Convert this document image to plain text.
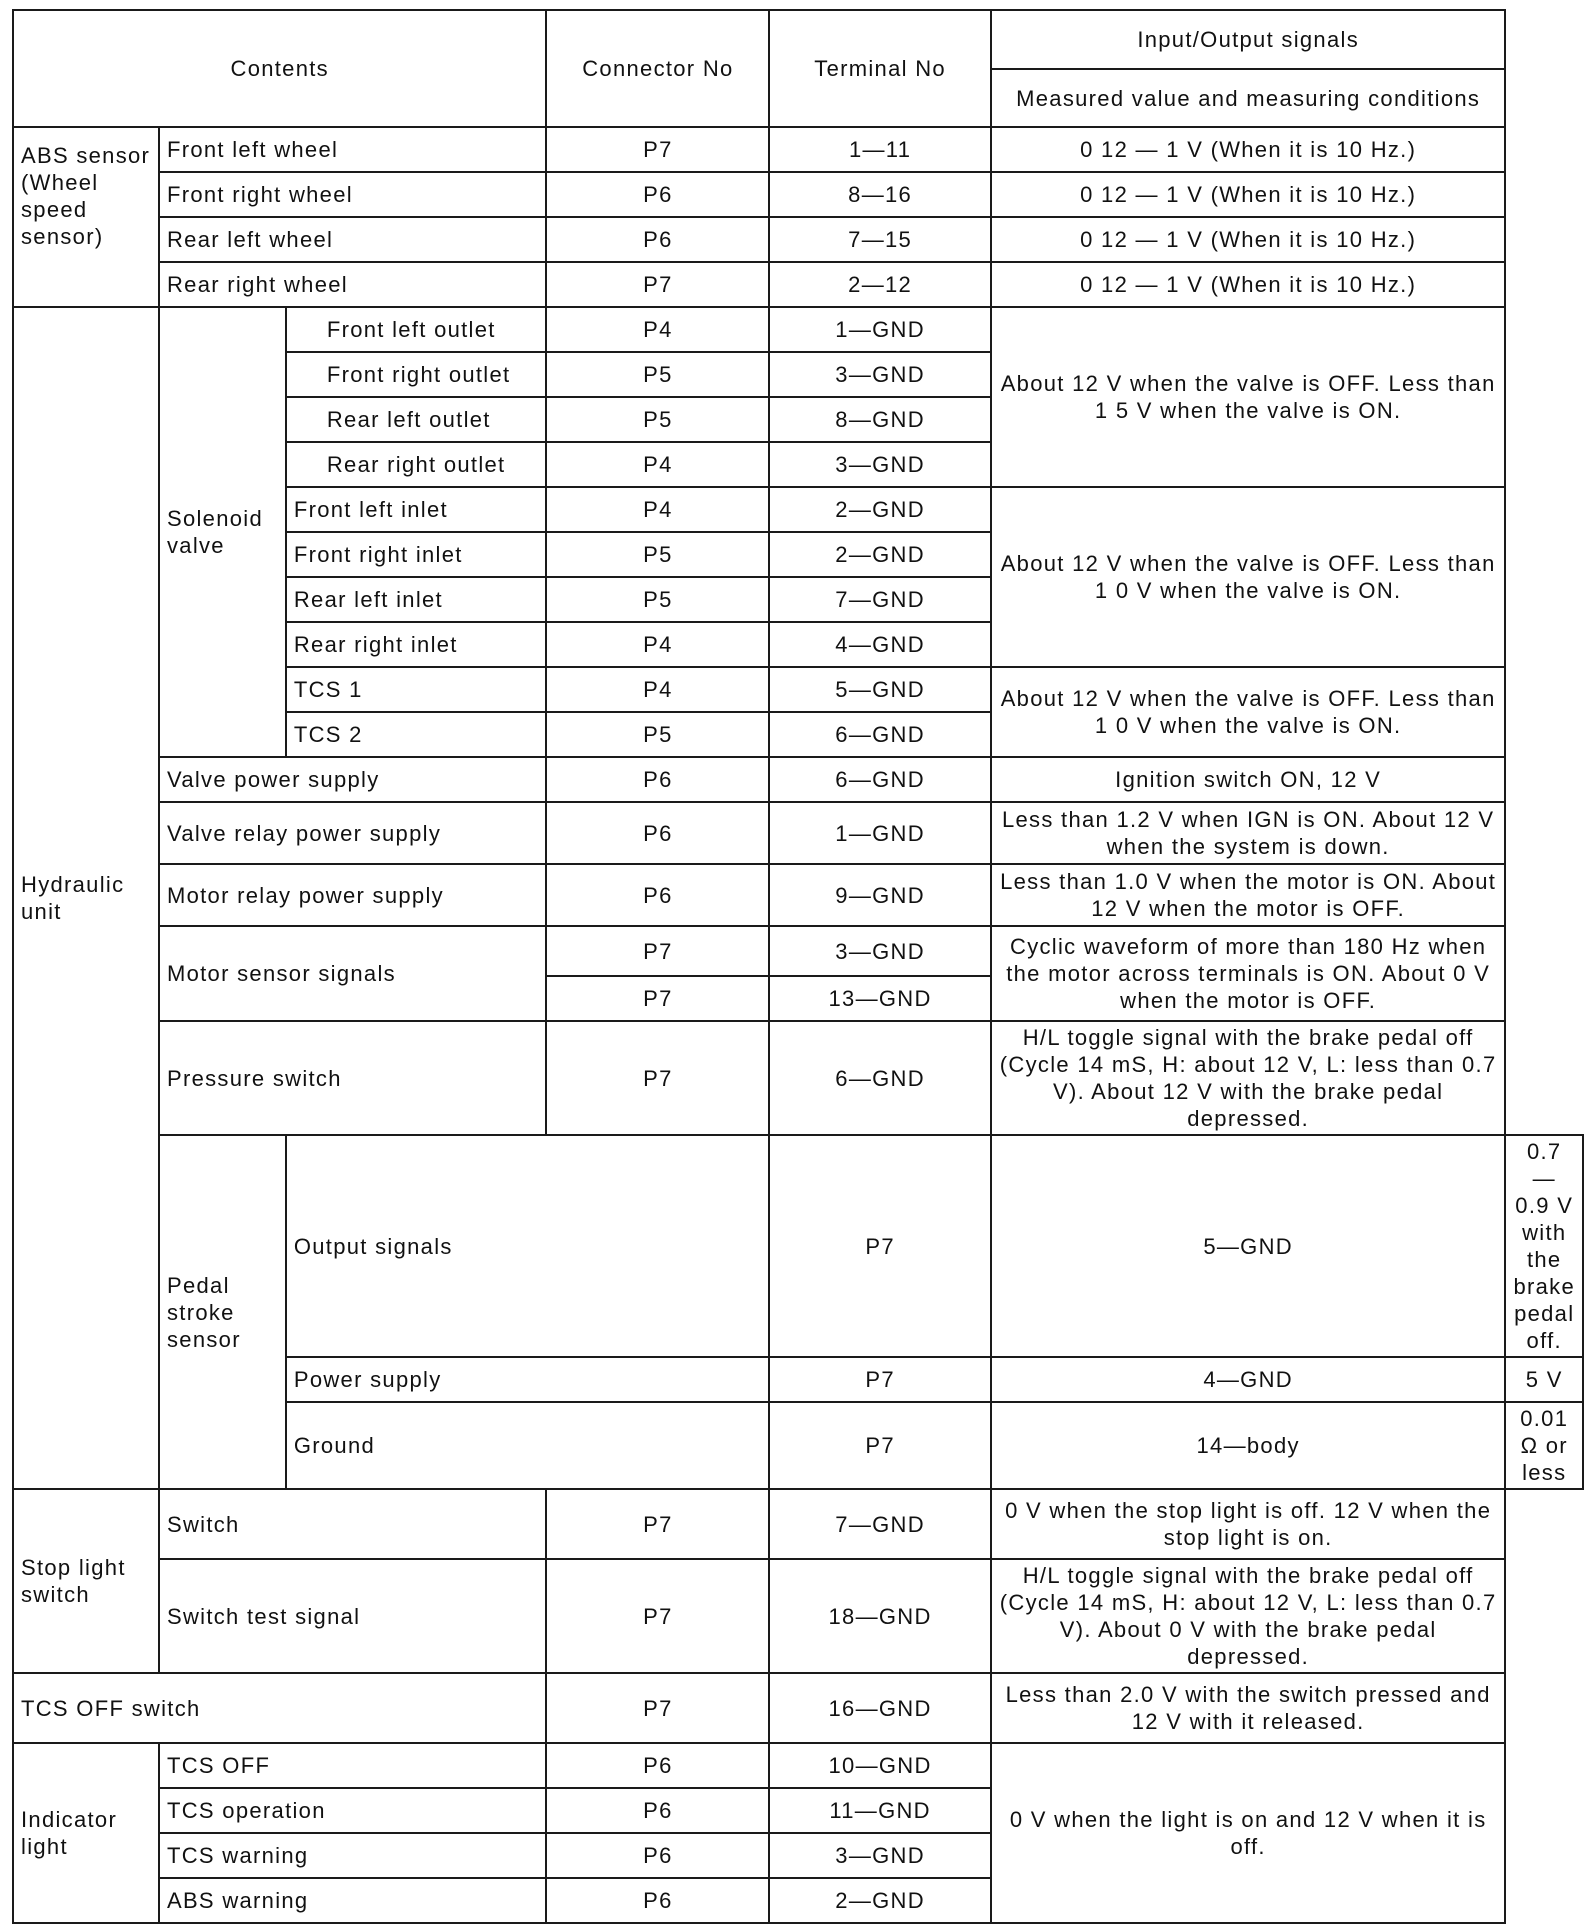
Contents			Connector No	Terminal No	Input/Output signals	
					Measured value and measuring conditions	
ABS sensor (Wheel speed sensor)	Front left wheel		P7	1—11	0 12 — 1 V (When it is 10 Hz.)	
	Front right wheel		P6	8—16	0 12 — 1 V (When it is 10 Hz.)	
	Rear left wheel		P6	7—15	0 12 — 1 V (When it is 10 Hz.)	
	Rear right wheel		P7	2—12	0 12 — 1 V (When it is 10 Hz.)	
Hydraulic unit	Solenoid valve	Front left outlet	P4	1—GND	About 12 V when the valve is OFF. Less than 1 5 V when the valve is ON.	
		Front right outlet	P5	3—GND		
		Rear left outlet	P5	8—GND		
		Rear right outlet	P4	3—GND		
		Front left inlet	P4	2—GND	About 12 V when the valve is OFF. Less than 1 0 V when the valve is ON.	
		Front right inlet	P5	2—GND		
		Rear left inlet	P5	7—GND		
		Rear right inlet	P4	4—GND		
		TCS 1	P4	5—GND	About 12 V when the valve is OFF. Less than 1 0 V when the valve is ON.	
		TCS 2	P5	6—GND		
	Valve power supply		P6	6—GND	Ignition switch ON, 12 V	
	Valve relay power supply		P6	1—GND	Less than 1.2 V when IGN is ON. About 12 V when the system is down.	
	Motor relay power supply		P6	9—GND	Less than 1.0 V when the motor is ON. About 12 V when the motor is OFF.	
	Motor sensor signals		P7	3—GND	Cyclic waveform of more than 180 Hz when the motor across terminals is ON. About 0 V when the motor is OFF.	
			P7	13—GND		
	Pressure switch		P7	6—GND	H/L toggle signal with the brake pedal off (Cycle 14 mS, H: about 12 V, L: less than 0.7 V). About 12 V with the brake pedal depressed.	
	Pedal stroke sensor	Output signals		P7	5—GND	0.7 — 0.9 V with the brake pedal off.
		Power supply		P7	4—GND	5 V
		Ground		P7	14—body	0.01 Ω or less
Stop light switch	Switch		P7	7—GND	0 V when the stop light is off. 12 V when the stop light is on.	
	Switch test signal		P7	18—GND	H/L toggle signal with the brake pedal off (Cycle 14 mS, H: about 12 V, L: less than 0.7 V). About 0 V with the brake pedal depressed.	
TCS OFF switch			P7	16—GND	Less than 2.0 V with the switch pressed and 12 V with it released.	
Indicator light	TCS OFF		P6	10—GND	0 V when the light is on and 12 V when it is off.	
	TCS operation		P6	11—GND		
	TCS warning		P6	3—GND		
	ABS warning		P6	2—GND		
